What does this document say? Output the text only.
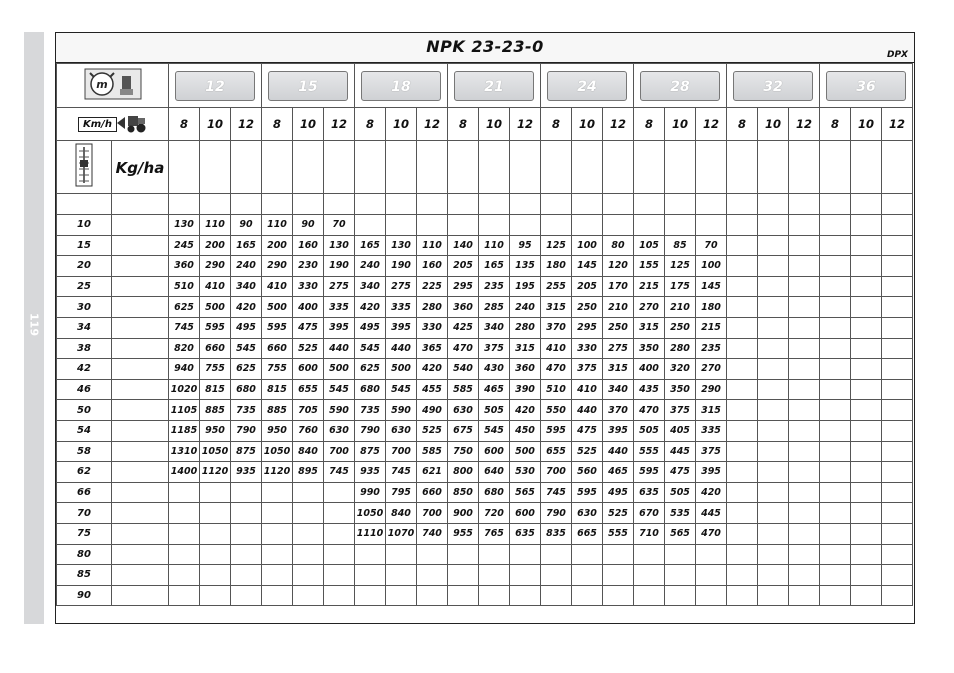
119
NPK 23-23-0	DPX
m		12			15			18			21			24			28			32			36		

Km/h		8	10	12	8	10	12	8	10	12	8	10	12	8	10	12	8	10	12	8	10	12	8	10	12
	Kg/ha																								

10		130	110	90	110	90	70																		
15		245	200	165	200	160	130	165	130	110	140	110	95	125	100	80	105	85	70						
20		360	290	240	290	230	190	240	190	160	205	165	135	180	145	120	155	125	100						
25		510	410	340	410	330	275	340	275	225	295	235	195	255	205	170	215	175	145						
30		625	500	420	500	400	335	420	335	280	360	285	240	315	250	210	270	210	180						
34		745	595	495	595	475	395	495	395	330	425	340	280	370	295	250	315	250	215						
38		820	660	545	660	525	440	545	440	365	470	375	315	410	330	275	350	280	235						
42		940	755	625	755	600	500	625	500	420	540	430	360	470	375	315	400	320	270						
46		1020	815	680	815	655	545	680	545	455	585	465	390	510	410	340	435	350	290						
50		1105	885	735	885	705	590	735	590	490	630	505	420	550	440	370	470	375	315						
54		1185	950	790	950	760	630	790	630	525	675	545	450	595	475	395	505	405	335						
58		1310	1050	875	1050	840	700	875	700	585	750	600	500	655	525	440	555	445	375						
62		1400	1120	935	1120	895	745	935	745	621	800	640	530	700	560	465	595	475	395						
66								990	795	660	850	680	565	745	595	495	635	505	420						
70								1050	840	700	900	720	600	790	630	525	670	535	445						
75								1110	1070	740	955	765	635	835	665	555	710	565	470						
80																									
85																									
90																									
